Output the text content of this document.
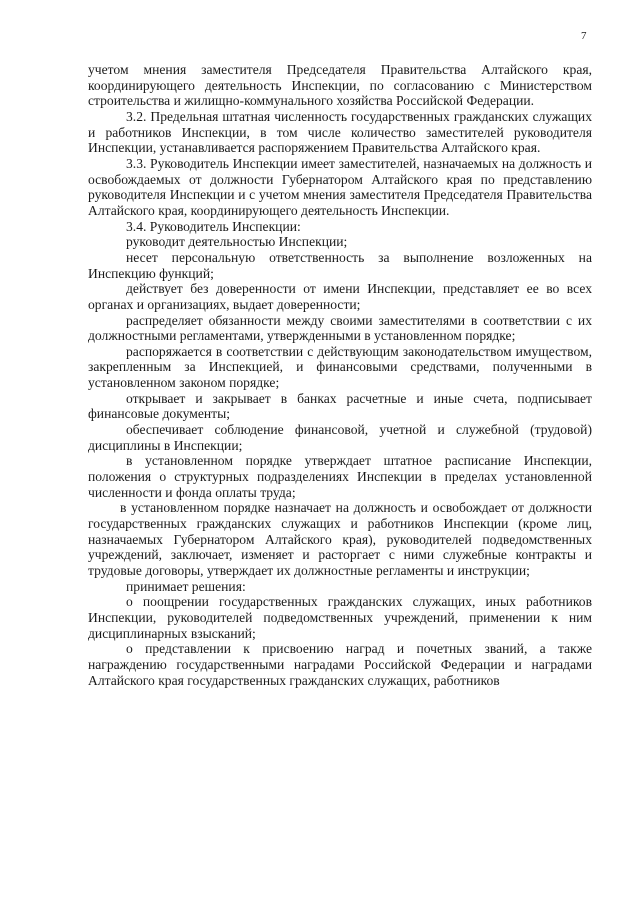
7

учетом мнения заместителя Председателя Правительства Алтайского края, координирующего деятельность Инспекции, по согласованию с Министерством строительства и жилищно-коммунального хозяйства Российской Федерации.

3.2. Предельная штатная численность государственных гражданских служащих и работников Инспекции, в том числе количество заместителей руководителя Инспекции, устанавливается распоряжением Правительства Алтайского края.

3.3. Руководитель Инспекции имеет заместителей, назначаемых на должность и освобождаемых от должности Губернатором Алтайского края по представлению руководителя Инспекции и с учетом мнения заместителя Председателя Правительства Алтайского края, координирующего деятельность Инспекции.

3.4. Руководитель Инспекции:

руководит деятельностью Инспекции;

несет персональную ответственность за выполнение возложенных на Инспекцию функций;

действует без доверенности от имени Инспекции, представляет ее во всех органах и организациях, выдает доверенности;

распределяет обязанности между своими заместителями в соответствии с их должностными регламентами, утвержденными в установленном порядке;

распоряжается в соответствии с действующим законодательством имуществом, закрепленным за Инспекцией, и финансовыми средствами, полученными в установленном законом порядке;

открывает и закрывает в банках расчетные и иные счета, подписывает финансовые документы;

обеспечивает соблюдение финансовой, учетной и служебной (трудовой) дисциплины в Инспекции;

в установленном порядке утверждает штатное расписание Инспекции, положения о структурных подразделениях Инспекции в пределах установленной численности и фонда оплаты труда;

в установленном порядке назначает на должность и освобождает от должности государственных гражданских служащих и работников Инспекции (кроме лиц, назначаемых Губернатором Алтайского края), руководителей подведомственных учреждений, заключает, изменяет и расторгает с ними служебные контракты и трудовые договоры, утверждает их должностные регламенты и инструкции;

принимает решения:

о поощрении государственных гражданских служащих, иных работников Инспекции, руководителей подведомственных учреждений, применении к ним дисциплинарных взысканий;

о представлении к присвоению наград и почетных званий, а также награждению государственными наградами Российской Федерации и наградами Алтайского края государственных гражданских служащих, работников
